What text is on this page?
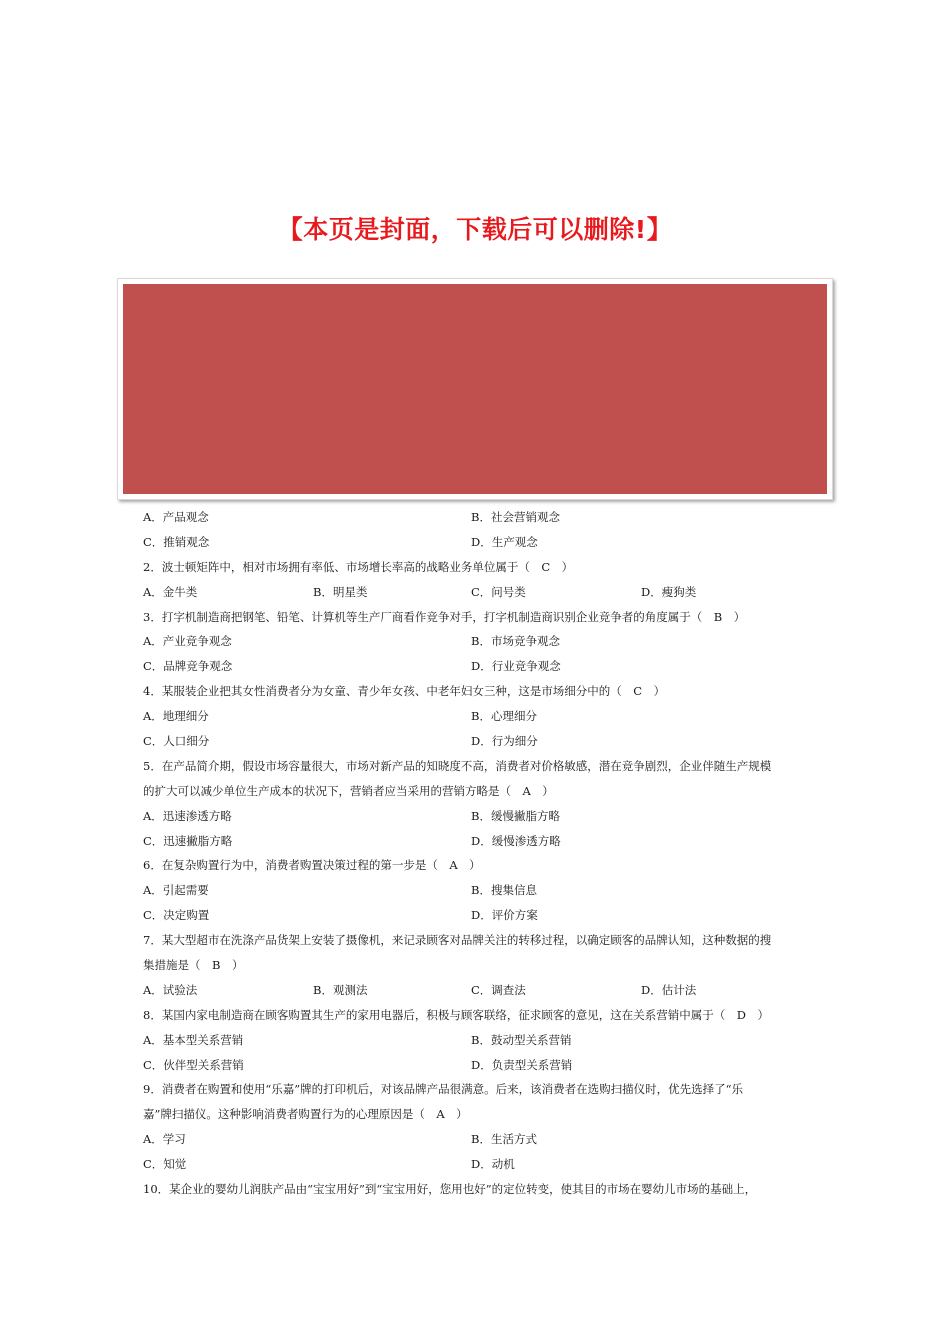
【本页是封面，下载后可以删除!】
A．产品观念	B．社会营销观念
C．推销观念	D．生产观念
2．波士顿矩阵中，相对市场拥有率低、市场增长率高的战略业务单位属于（　C　）
A．金牛类	B．明星类	C．问号类	D．瘦狗类
3．打字机制造商把钢笔、铅笔、计算机等生产厂商看作竞争对手，打字机制造商识别企业竞争者的角度属于（　B　）
A．产业竞争观念	B．市场竞争观念
C．品牌竞争观念	D．行业竞争观念
4．某服装企业把其女性消费者分为女童、青少年女孩、中老年妇女三种，这是市场细分中的（　C　）
A．地理细分	B．心理细分
C．人口细分	D．行为细分
5．在产品简介期，假设市场容量很大，市场对新产品的知晓度不高，消费者对价格敏感，潜在竞争剧烈，企业伴随生产规模
的扩大可以减少单位生产成本的状况下，营销者应当采用的营销方略是（　A　）
A．迅速渗透方略	B．缓慢撇脂方略
C．迅速撇脂方略	D．缓慢渗透方略
6．在复杂购置行为中，消费者购置决策过程的第一步是（　A　）
A．引起需要	B．搜集信息
C．决定购置	D．评价方案
7．某大型超市在洗涤产品货架上安装了摄像机，来记录顾客对品牌关注的转移过程，以确定顾客的品牌认知，这种数据的搜
集措施是（　B　）
A．试验法	B．观测法	C．调查法	D．估计法
8．某国内家电制造商在顾客购置其生产的家用电器后，积极与顾客联络，征求顾客的意见，这在关系营销中属于（　D　）
A．基本型关系营销	B．鼓动型关系营销
C．伙伴型关系营销	D．负责型关系营销
9．消费者在购置和使用“乐嘉”牌的打印机后，对该品牌产品很满意。后来，该消费者在选购扫描仪时，优先选择了“乐
嘉”牌扫描仪。这种影响消费者购置行为的心理原因是（　A　）
A．学习	B．生活方式
C．知觉	D．动机
10．某企业的婴幼儿润肤产品由“宝宝用好”到“宝宝用好，您用也好”的定位转变，使其目的市场在婴幼儿市场的基础上，
